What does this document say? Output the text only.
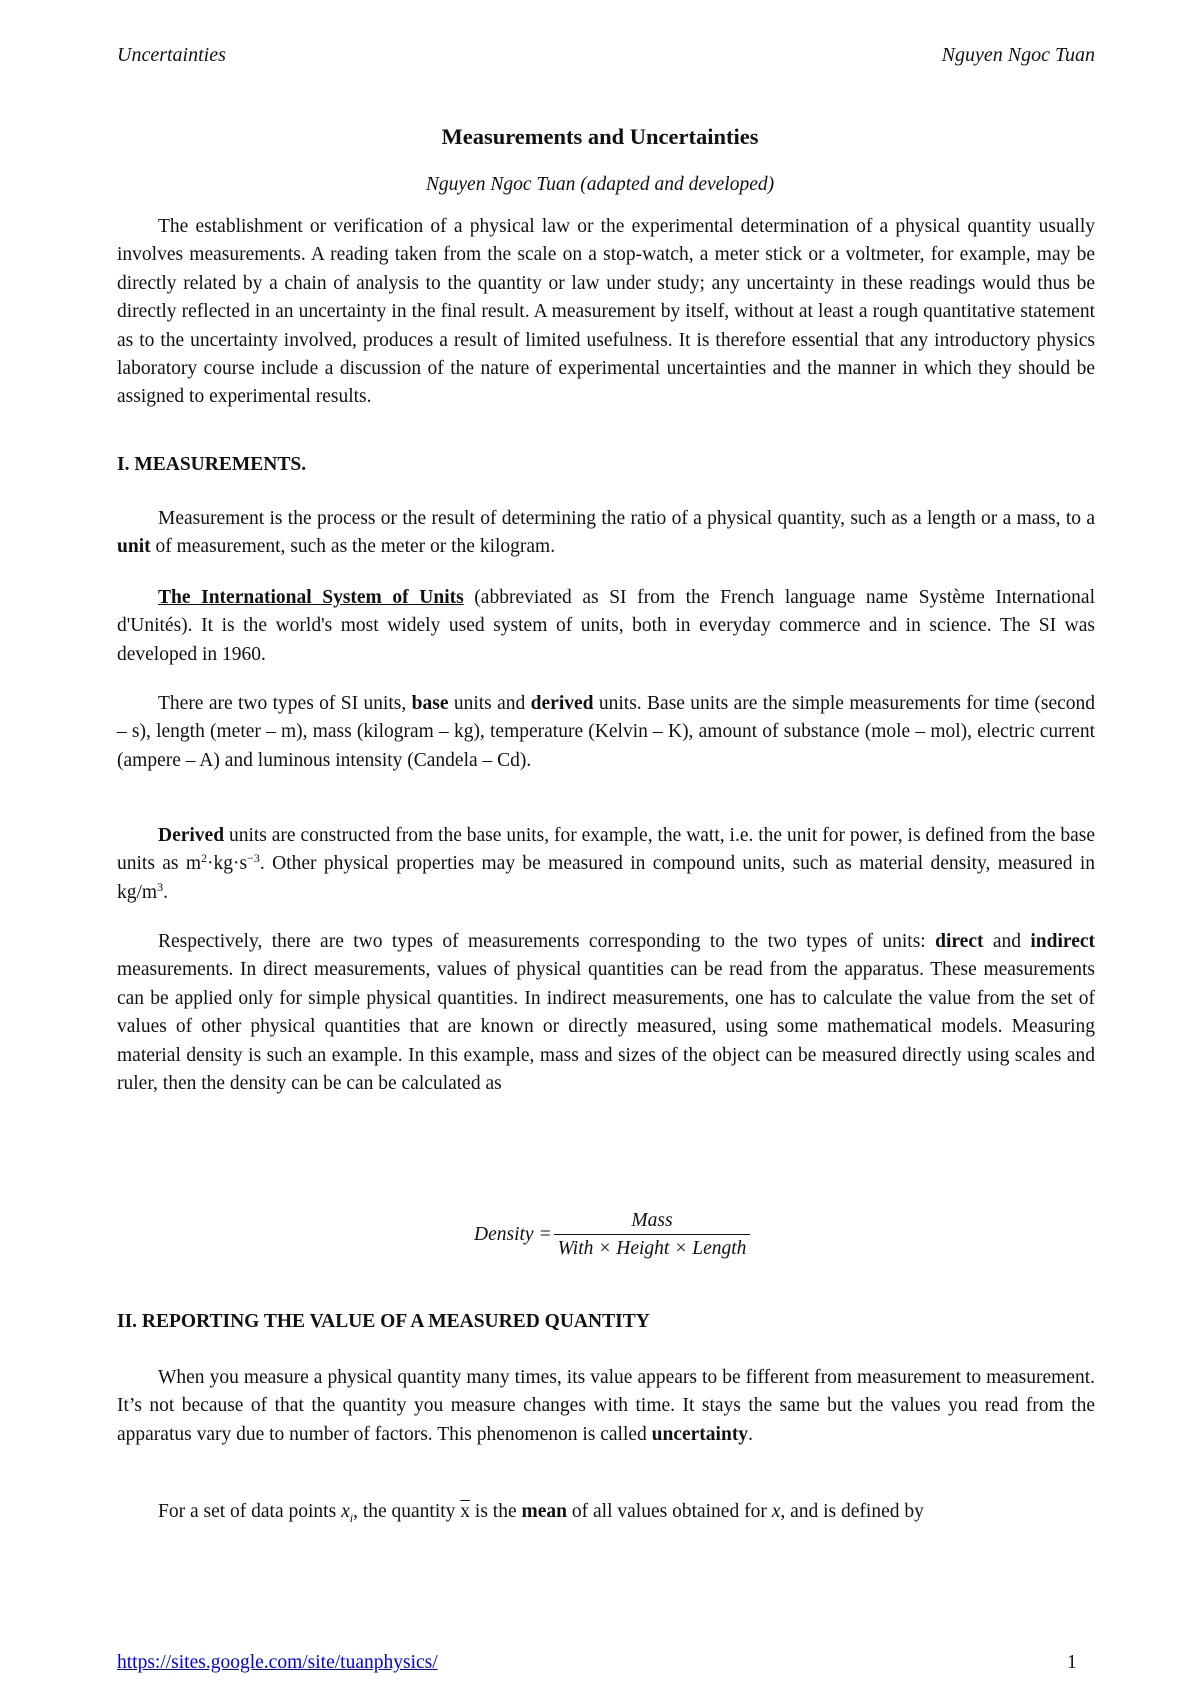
Uncertainties	Nguyen Ngoc Tuan
Measurements and Uncertainties
Nguyen Ngoc Tuan (adapted and developed)

The establishment or verification of a physical law or the experimental determination of a physical quantity usually involves measurements. A reading taken from the scale on a stop-watch, a meter stick or a voltmeter, for example, may be directly related by a chain of analysis to the quantity or law under study; any uncertainty in these readings would thus be directly reflected in an uncertainty in the final result. A measurement by itself, without at least a rough quantitative statement as to the uncertainty involved, produces a result of limited usefulness. It is therefore essential that any introductory physics laboratory course include a discussion of the nature of experimental uncertainties and the manner in which they should be assigned to experimental results.

I. MEASUREMENTS.

Measurement is the process or the result of determining the ratio of a physical quantity, such as a length or a mass, to a unit of measurement, such as the meter or the kilogram.

The International System of Units (abbreviated as SI from the French language name Système International d'Unités). It is the world's most widely used system of units, both in everyday commerce and in science. The SI was developed in 1960.

There are two types of SI units, base units and derived units. Base units are the simple measurements for time (second – s), length (meter – m), mass (kilogram – kg), temperature (Kelvin – K), amount of substance (mole – mol), electric current (ampere – A) and luminous intensity (Candela – Cd).

Derived units are constructed from the base units, for example, the watt, i.e. the unit for power, is defined from the base units as $m^2\cdot kg\cdot s^{-3}$. Other physical properties may be measured in compound units, such as material density, measured in $kg/m^3$.

Respectively, there are two types of measurements corresponding to the two types of units: direct and indirect measurements. In direct measurements, values of physical quantities can be read from the apparatus. These measurements can be applied only for simple physical quantities. In indirect measurements, one has to calculate the value from the set of values of other physical quantities that are known or directly measured, using some mathematical models. Measuring material density is such an example. In this example, mass and sizes of the object can be measured directly using scales and ruler, then the density can be can be calculated as

Density = $\frac{\text{Mass}}{\text{With × Height × Length}}$

II. REPORTING THE VALUE OF A MEASURED QUANTITY

When you measure a physical quantity many times, its value appears to be fifferent from measurement to measurement. It’s not because of that the quantity you measure changes with time. It stays the same but the values you read from the apparatus vary due to number of factors. This phenomenon is called uncertainty.

For a set of data points $x_i$, the quantity $\overline{x}$ is the mean of all values obtained for x, and is defined by

https://sites.google.com/site/tuanphysics/	1
